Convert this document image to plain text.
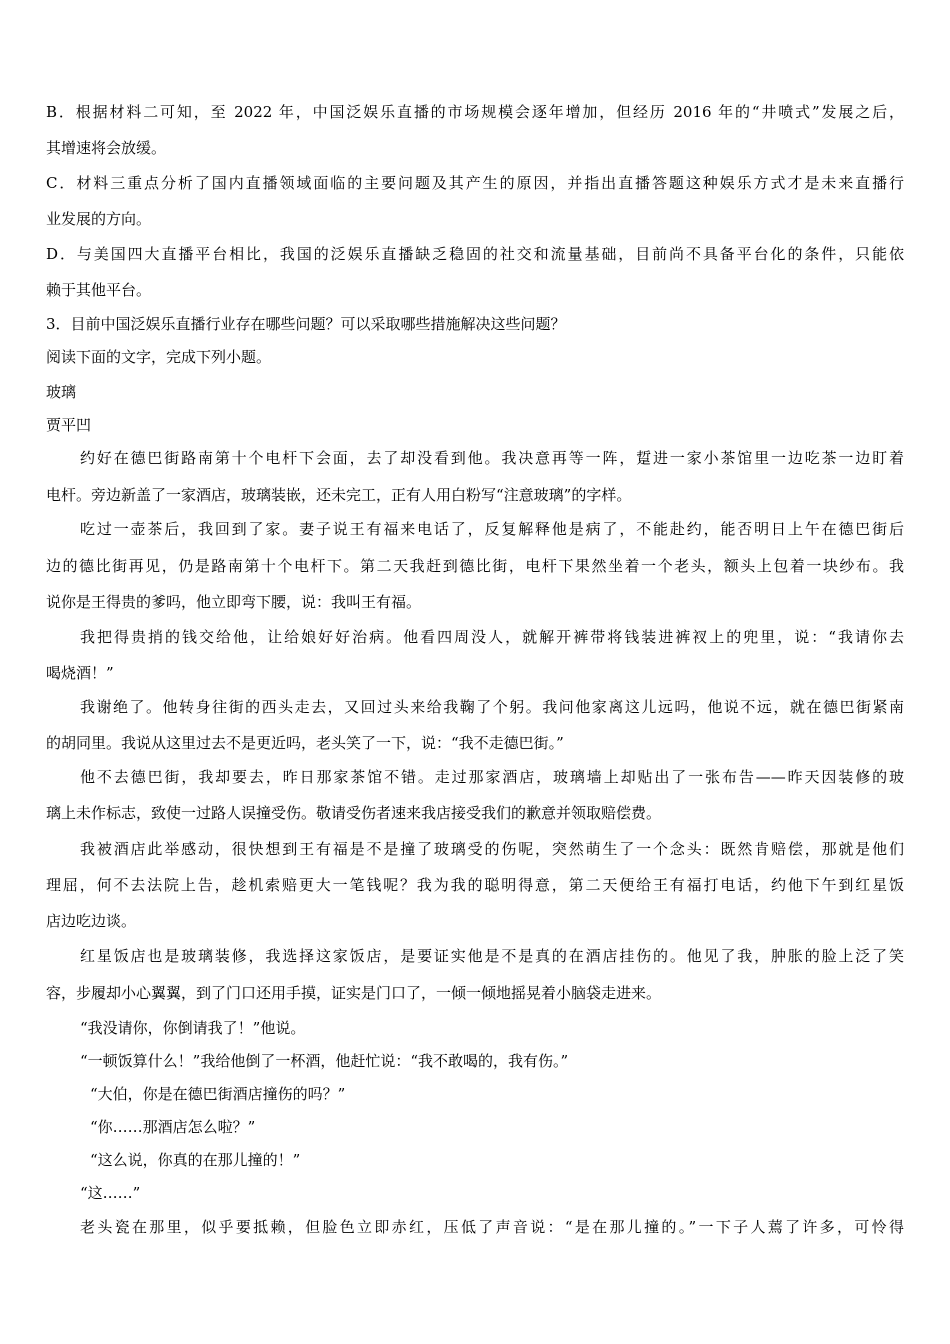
B．根据材料二可知，至 2022 年，中国泛娱乐直播的市场规模会逐年增加，但经历 2016 年的“井喷式”发展之后，
其增速将会放缓。
C．材料三重点分析了国内直播领域面临的主要问题及其产生的原因，并指出直播答题这种娱乐方式才是未来直播行
业发展的方向。
D．与美国四大直播平台相比，我国的泛娱乐直播缺乏稳固的社交和流量基础，目前尚不具备平台化的条件，只能依
赖于其他平台。
3．目前中国泛娱乐直播行业存在哪些问题？可以采取哪些措施解决这些问题？
阅读下面的文字，完成下列小题。
玻璃
贾平凹
约好在德巴街路南第十个电杆下会面，去了却没看到他。我决意再等一阵，踅进一家小茶馆里一边吃茶一边盯着
电杆。旁边新盖了一家酒店，玻璃装嵌，还未完工，正有人用白粉写“注意玻璃”的字样。
吃过一壶茶后，我回到了家。妻子说王有福来电话了，反复解释他是病了，不能赴约，能否明日上午在德巴街后
边的德比街再见，仍是路南第十个电杆下。第二天我赶到德比街，电杆下果然坐着一个老头，额头上包着一块纱布。我
说你是王得贵的爹吗，他立即弯下腰，说：我叫王有福。
我把得贵捎的钱交给他，让给娘好好治病。他看四周没人，就解开裤带将钱装进裤衩上的兜里，说：“我请你去
喝烧酒！”
我谢绝了。他转身往街的西头走去，又回过头来给我鞠了个躬。我问他家离这儿远吗，他说不远，就在德巴街紧南
的胡同里。我说从这里过去不是更近吗，老头笑了一下，说：“我不走德巴街。”
他不去德巴街，我却要去，昨日那家茶馆不错。走过那家酒店，玻璃墙上却贴出了一张布告——昨天因装修的玻
璃上未作标志，致使一过路人误撞受伤。敬请受伤者速来我店接受我们的歉意并领取赔偿费。
我被酒店此举感动，很快想到王有福是不是撞了玻璃受的伤呢，突然萌生了一个念头：既然肯赔偿，那就是他们
理屈，何不去法院上告，趁机索赔更大一笔钱呢？我为我的聪明得意，第二天便给王有福打电话，约他下午到红星饭
店边吃边谈。
红星饭店也是玻璃装修，我选择这家饭店，是要证实他是不是真的在酒店挂伤的。他见了我，肿胀的脸上泛了笑
容，步履却小心翼翼，到了门口还用手摸，证实是门口了，一倾一倾地摇晃着小脑袋走进来。
“我没请你，你倒请我了！”他说。
“一顿饭算什么！”我给他倒了一杯酒，他赶忙说：“我不敢喝的，我有伤。”
“大伯，你是在德巴街酒店撞伤的吗？”
“你……那酒店怎么啦？”
“这么说，你真的在那儿撞的！”
“这……”
老头瓷在那里，似乎要抵赖，但脸色立即赤红，压低了声音说：“是在那儿撞的。”一下子人蔫了许多，可怜得
